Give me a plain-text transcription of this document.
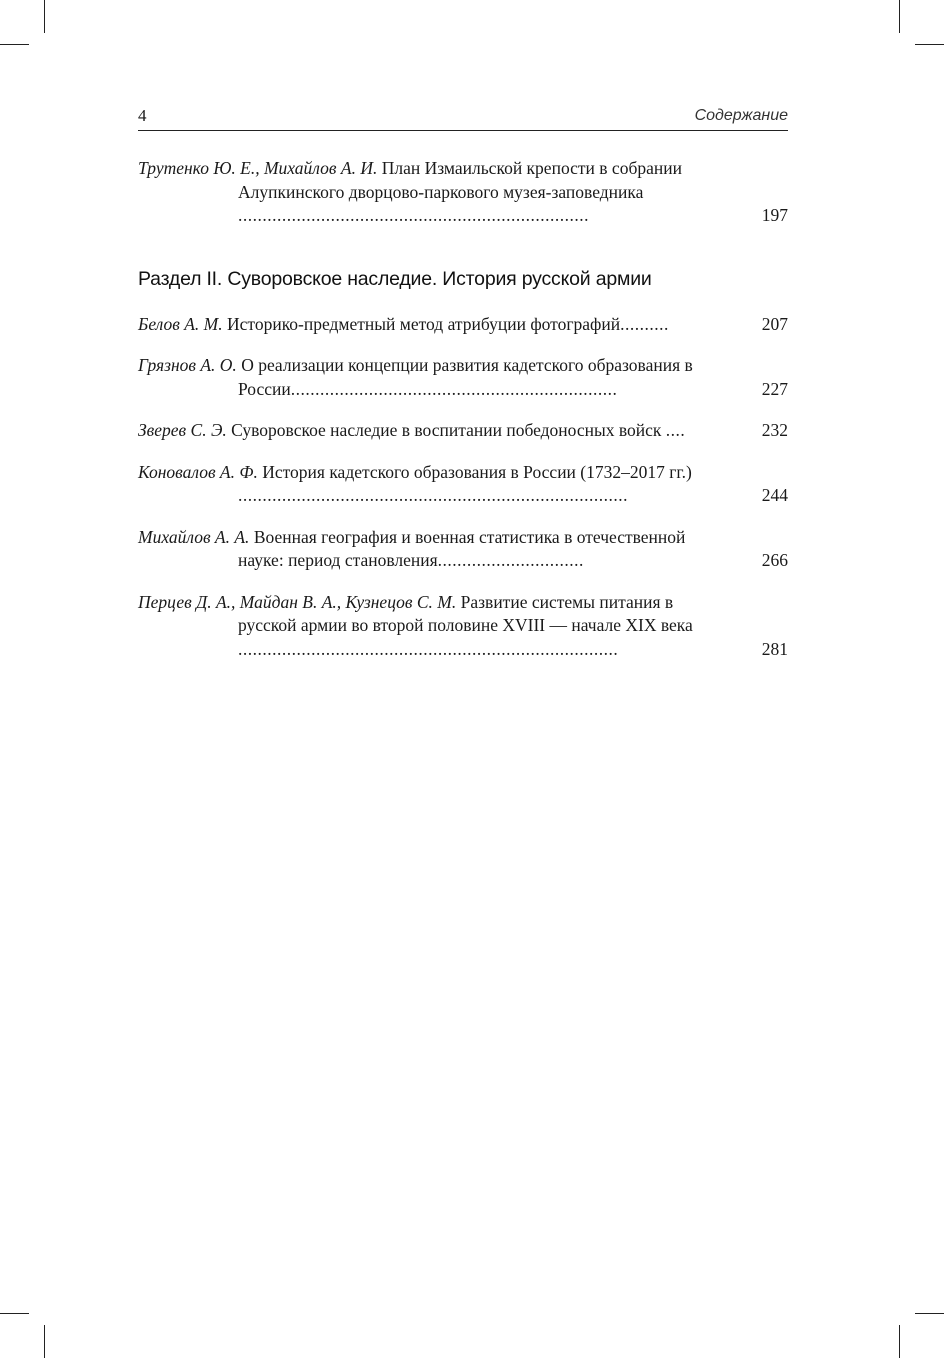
4	Содержание
Трутенко Ю. Е., Михайлов А. И. План Измаильской крепости в собрании Алупкинского дворцово-паркового музея-заповедника ........................................................................	197
Раздел II. Суворовское наследие. История русской армии
Белов А. М. Историко-предметный метод атрибуции фотографий..........	207
Грязнов А. О. О реализации концепции развития кадетского образования в России...................................................................	227
Зверев С. Э. Суворовское наследие в воспитании победоносных войск ....	232
Коновалов А. Ф. История кадетского образования в России (1732–2017 гг.) ................................................................................	244
Михайлов А. А. Военная география и военная статистика в отечественной науке: период становления..............................	266
Перцев Д. А., Майдан В. А., Кузнецов С. М. Развитие системы питания в русской армии во второй половине XVIII — начале XIX века ..............................................................................	281
